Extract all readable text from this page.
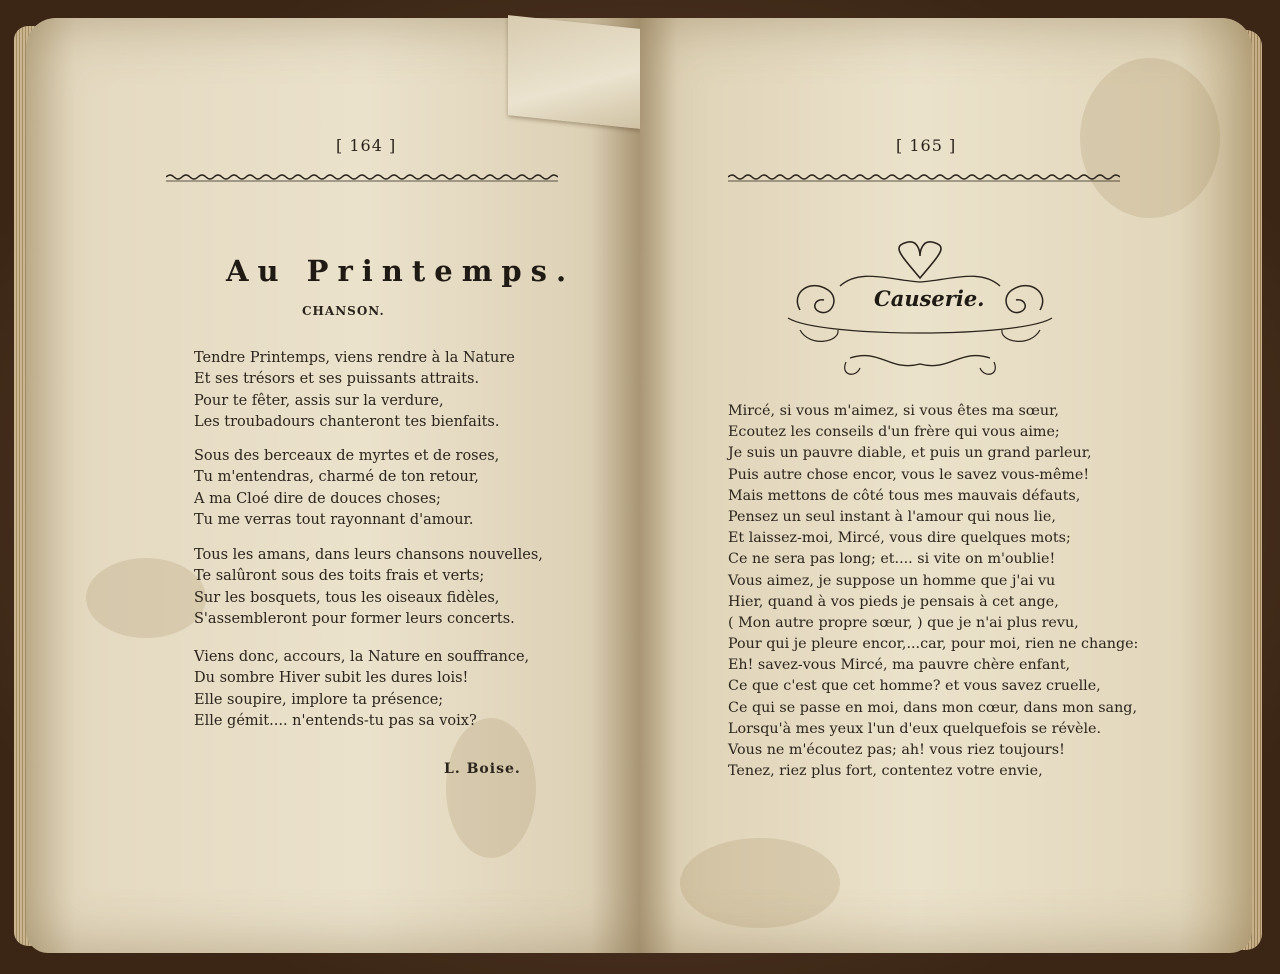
[ 164 ]
Au Printemps.
CHANSON.
Tendre Printemps, viens rendre à la Nature
Et ses trésors et ses puissants attraits.
Pour te fêter, assis sur la verdure,
Les troubadours chanteront tes bienfaits.
Sous des berceaux de myrtes et de roses,
Tu m'entendras, charmé de ton retour,
A ma Cloé dire de douces choses;
Tu me verras tout rayonnant d'amour.
Tous les amans, dans leurs chansons nouvelles,
Te salûront sous des toits frais et verts;
Sur les bosquets, tous les oiseaux fidèles,
S'assembleront pour former leurs concerts.
Viens donc, accours, la Nature en souffrance,
Du sombre Hiver subit les dures lois!
Elle soupire, implore ta présence;
Elle gémit.... n'entends-tu pas sa voix?
L. Boise.
[ 165 ]
Causerie.
Mircé, si vous m'aimez, si vous êtes ma sœur,
Ecoutez les conseils d'un frère qui vous aime;
Je suis un pauvre diable, et puis un grand parleur,
Puis autre chose encor, vous le savez vous-même!
Mais mettons de côté tous mes mauvais défauts,
Pensez un seul instant à l'amour qui nous lie,
Et laissez-moi, Mircé, vous dire quelques mots;
Ce ne sera pas long; et.... si vite on m'oublie!
Vous aimez, je suppose un homme que j'ai vu
Hier, quand à vos pieds je pensais à cet ange,
( Mon autre propre sœur, ) que je n'ai plus revu,
Pour qui je pleure encor,...car, pour moi, rien ne change:
Eh! savez-vous Mircé, ma pauvre chère enfant,
Ce que c'est que cet homme? et vous savez cruelle,
Ce qui se passe en moi, dans mon cœur, dans mon sang,
Lorsqu'à mes yeux l'un d'eux quelquefois se révèle.
Vous ne m'écoutez pas; ah! vous riez toujours!
Tenez, riez plus fort, contentez votre envie,
